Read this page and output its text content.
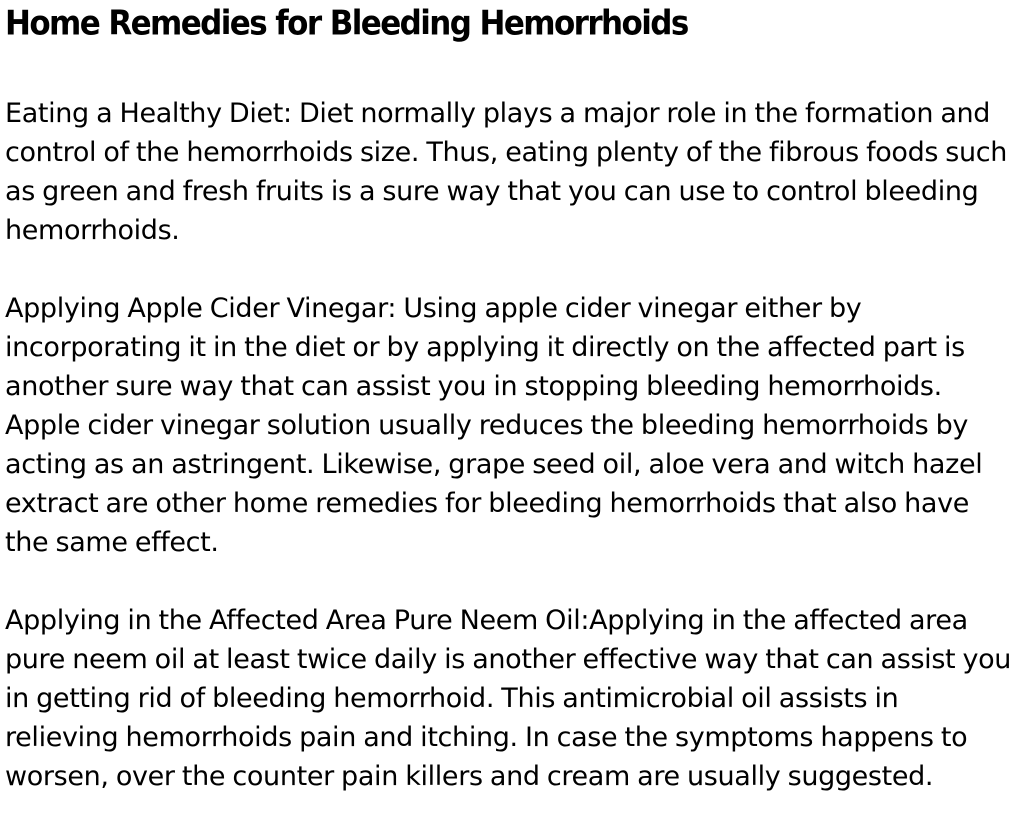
Home Remedies for Bleeding Hemorrhoids

Eating a Healthy Diet: Diet normally plays a major role in the formation and control of the hemorrhoids size. Thus, eating plenty of the fibrous foods such as green and fresh fruits is a sure way that you can use to control bleeding hemorrhoids.

Applying Apple Cider Vinegar: Using apple cider vinegar either by incorporating it in the diet or by applying it directly on the affected part is another sure way that can assist you in stopping bleeding hemorrhoids. Apple cider vinegar solution usually reduces the bleeding hemorrhoids by acting as an astringent. Likewise, grape seed oil, aloe vera and witch hazel extract are other home remedies for bleeding hemorrhoids that also have the same effect.

Applying in the Affected Area Pure Neem Oil:Applying in the affected area pure neem oil at least twice daily is another effective way that can assist you in getting rid of bleeding hemorrhoid. This antimicrobial oil assists in relieving hemorrhoids pain and itching. In case the symptoms happens to worsen, over the counter pain killers and cream are usually suggested.
